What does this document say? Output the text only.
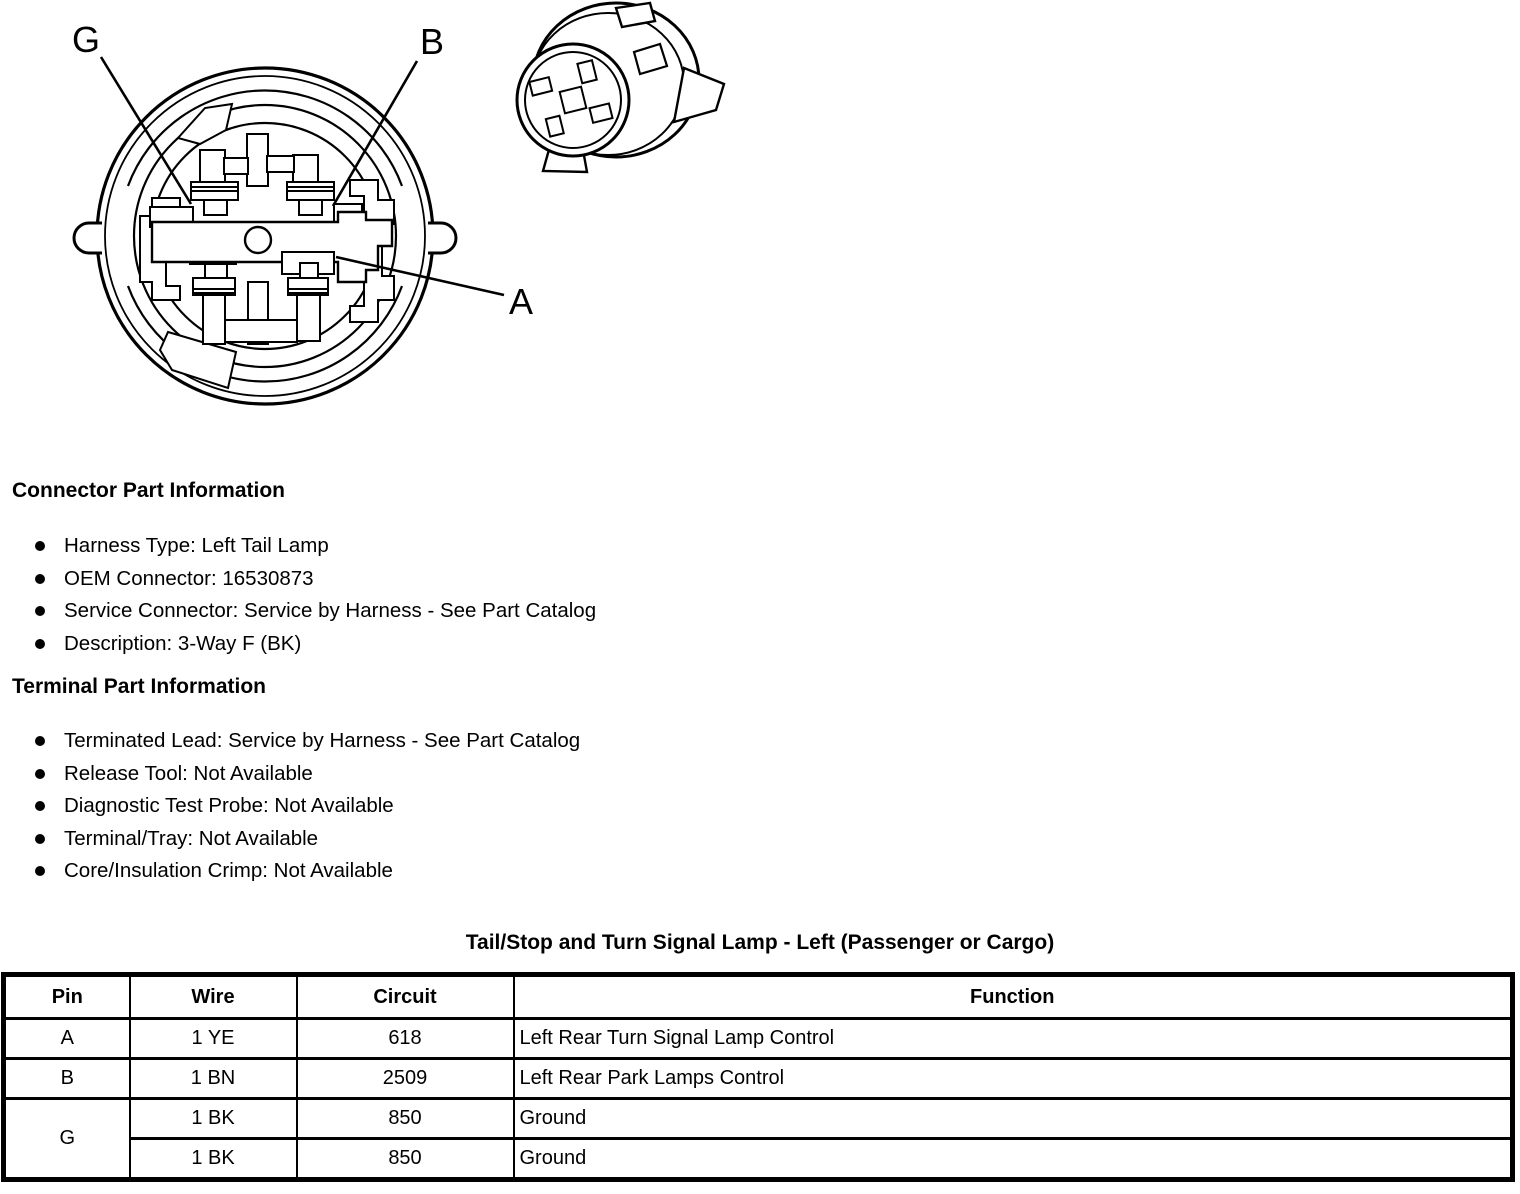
G	B
A
Connector Part Information
Harness Type: Left Tail Lamp
OEM Connector: 16530873
Service Connector: Service by Harness - See Part Catalog
Description: 3-Way F (BK)
Terminal Part Information
Terminated Lead: Service by Harness - See Part Catalog
Release Tool: Not Available
Diagnostic Test Probe: Not Available
Terminal/Tray: Not Available
Core/Insulation Crimp: Not Available
Tail/Stop and Turn Signal Lamp - Left (Passenger or Cargo)
Pin	Wire	Circuit	Function
A	1 YE	618	Left Rear Turn Signal Lamp Control
B	1 BN	2509	Left Rear Park Lamps Control
G	1 BK	850	Ground
	1 BK	850	Ground
